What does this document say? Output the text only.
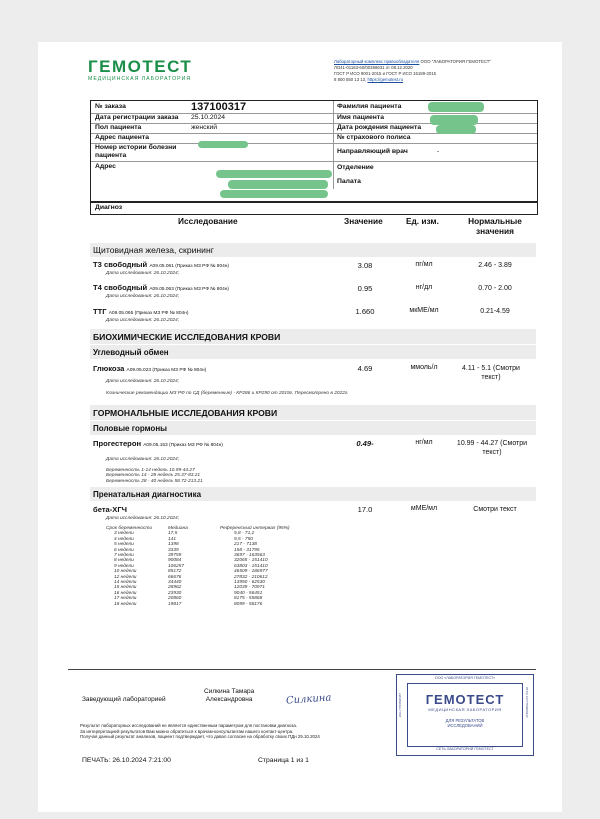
ГЕМОТЕСТ
МЕДИЦИНСКАЯ ЛАБОРАТОРИЯ
Лабораторный комплекс правообладателя ООО "ЛАБОРАТОРИЯ ГЕМОТЕСТ"
ЛО41-01163-60/00368631 от 08.12.2020
ГОСТ Р ИСО 9001-2015 и ГОСТ Р ИСО 15189-2015
8 800 550 13 13, https://gemotest.ru
№ заказа	137100317	Фамилия пациента
Дата регистрации заказа 25.10.2024	Имя пациента
Пол пациента	женский	Дата рождения пациента
Адрес пациента	№ страхового полиса
Номер истории болезни пациента
Направляющий врач	-
Адрес	Отделение
Палата
Диагноз
Исследование	Значение	Ед. изм.	Нормальные
значения
Щитовидная железа, скрининг
Т3 свободный А09.05.061 (Приказ МЗ РФ № 804н)
Дата исследования: 26.10.2024;
3.08	пг/мл	2.46 - 3.89
Т4 свободный А09.05.063 (Приказ МЗ РФ № 804н)
Дата исследования: 26.10.2024;
0.95	нг/дл	0.70 - 2.00
ТТГ А09.05.065 (Приказ МЗ РФ № 804н)
Дата исследования: 26.10.2024;
1.660	мкМЕ/мл	0.21-4.59
БИОХИМИЧЕСКИЕ ИССЛЕДОВАНИЯ КРОВИ
Углеводный обмен
Глюкоза А09.05.023 (Приказ МЗ РФ № 804н)
Дата исследования: 26.10.2024;
Клинические рекомендации МЗ РФ по СД (беременные) - КР286 и КР290 от 2019г. Пересмотрено в 2022г.
4.69	ммоль/л	4.11 - 5.1 (Смотри
текст)
ГОРМОНАЛЬНЫЕ ИССЛЕДОВАНИЯ КРОВИ
Половые гормоны
Прогестерон А09.05.153 (Приказ МЗ РФ № 804н)	0.49-	нг/мл	10.99 - 44.27 (Смотри
текст)
Дата исследования: 26.10.2024;
Беременность 1-14 недель 10.99-44.27
Беременность 14 - 28 недель 25.37-83.21
Беременность 28 - 40 недель 58.72-213.21
Пренатальная диагностика
бета-ХГЧ
Дата исследования: 26.10.2024;
17.0	мМЕ/мл	Смотри текст
Срок беременности	Медиана	Референсный интервал (95%)
3 недели	17,5	5,8 - 71,2
4 недели	141	9,5 - 750
5 недели	1398	217 - 7138
6 недели	3339	158 - 31795
7 недели	39759	3697 - 163563
8 недели	90084	32065 - 151410
9 недели	106257	63803 - 151410
10 недели	85172	46509 - 186977
12 недели	66676	27832 - 210612
14 недели	34440	13950 - 62530
15 недели	28962	12039 - 70971
16 недели	23930	9040 - 56451
17 недели	20860	8175 - 55868
18 недели	19817	8099 - 58176
Заведующий лабораторией
Силкина Тамара
Александровна	Силкина
Результат лабораторных исследований не является единственным параметром для постановки диагноза.
За интерпретацией результатов Вам можно обратиться к врачам-консультантам нашего контакт-центра.
Получая данный результат анализов, пациент подтверждает, что давал согласие на обработку своих ПДн 25.10.2024
ПЕЧАТЬ: 26.10.2024 7:21:00	Страница 1 из 1
ООО «ЛАБОРАТОРИЯ ГЕМОТЕСТ»
ИНН 7706598487	ОГРН 1077759000442
ГЕМОТЕСТ
МЕДИЦИНСКАЯ ЛАБОРАТОРИЯ
ДЛЯ РЕЗУЛЬТАТОВ
ИССЛЕДОВАНИЙ
СЕТЬ ЛАБОРАТОРИЙ ГЕМОТЕСТ
